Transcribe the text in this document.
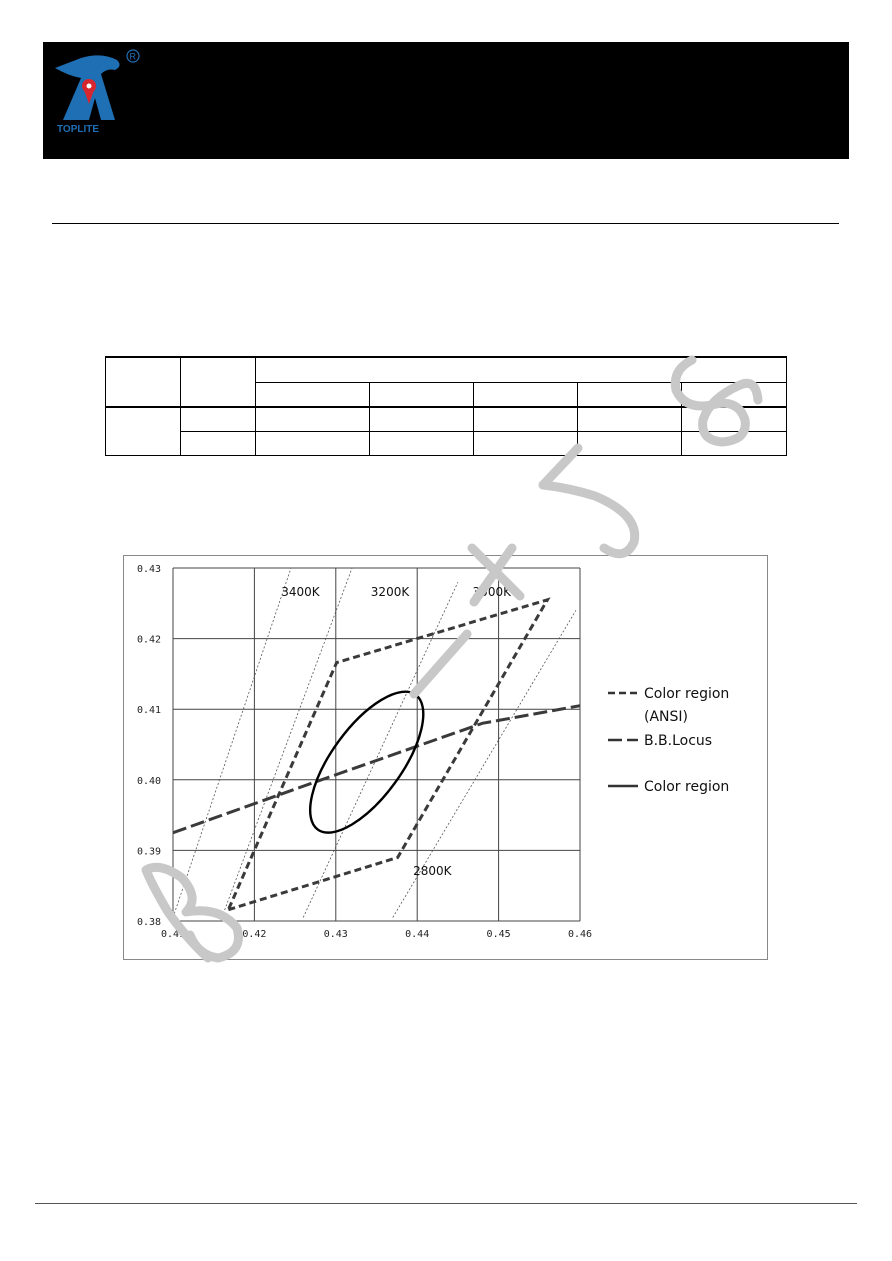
TOPLITE
R

0.41	0.42	0.43	0.44	0.45	0.46
0.38
0.39
0.40
0.41
0.42
0.43
3400K	3200K	3000K
2800K
Color region
(ANSI)
B.B.Locus
Color region
